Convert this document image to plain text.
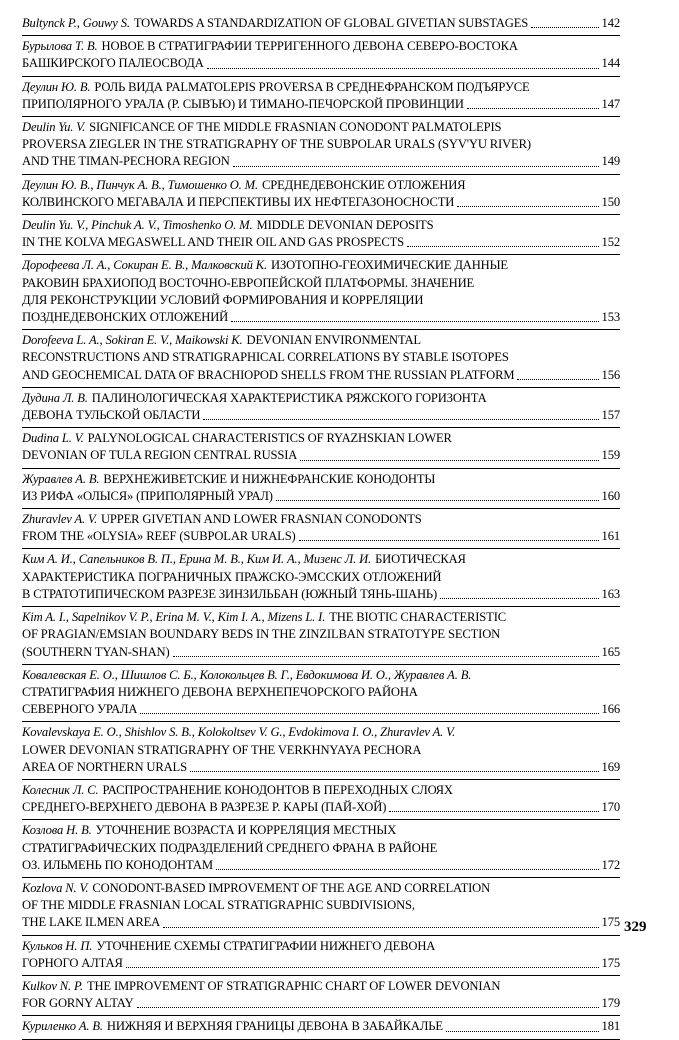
Bultynck P., Gouwy S. TOWARDS A STANDARDIZATION OF GLOBAL GIVETIAN SUBSTAGES	142
Бурылова Т. В. НОВОЕ В СТРАТИГРАФИИ ТЕРРИГЕННОГО ДЕВОНА СЕВЕРО-ВОСТОКА
БАШКИРСКОГО ПАЛЕОСВОДА	144
Деулин Ю. В. РОЛЬ ВИДА PALMATOLEPIS PROVERSA В СРЕДНЕФРАНСКОМ ПОДЪЯРУСЕ
ПРИПОЛЯРНОГО УРАЛА (Р. СЫВЪЮ) И ТИМАНО-ПЕЧОРСКОЙ ПРОВИНЦИИ	147
Deulin Yu. V. SIGNIFICANCE OF THE MIDDLE FRASNIAN CONODONT PALMATOLEPIS
PROVERSA ZIEGLER IN THE STRATIGRAPHY OF THE SUBPOLAR URALS (SYV'YU RIVER)
AND THE TIMAN-PECHORA REGION	149
Деулин Ю. В., Пинчук А. В., Тимошенко О. М. СРЕДНЕДЕВОНСКИЕ ОТЛОЖЕНИЯ
КОЛВИНСКОГО МЕГАВАЛА И ПЕРСПЕКТИВЫ ИХ НЕФТЕГАЗОНОСНОСТИ	150
Deulin Yu. V., Pinchuk A. V., Timoshenko O. M. MIDDLE DEVONIAN DEPOSITS
IN THE KOLVA MEGASWELL AND THEIR OIL AND GAS PROSPECTS	152
Дорофеева Л. А., Сокиран Е. В., Малковский К. ИЗОТОПНО-ГЕОХИМИЧЕСКИЕ ДАННЫЕ
РАКОВИН БРАХИОПОД ВОСТОЧНО-ЕВРОПЕЙСКОЙ ПЛАТФОРМЫ. ЗНАЧЕНИЕ
ДЛЯ РЕКОНСТРУКЦИИ УСЛОВИЙ ФОРМИРОВАНИЯ И КОРРЕЛЯЦИИ
ПОЗДНЕДЕВОНСКИХ ОТЛОЖЕНИЙ	153
Dorofeeva L. A., Sokiran E. V., Maikowski K. DEVONIAN ENVIRONMENTAL
RECONSTRUCTIONS AND STRATIGRAPHICAL CORRELATIONS BY STABLE ISOTOPES
AND GEOCHEMICAL DATA OF BRACHIOPOD SHELLS FROM THE RUSSIAN PLATFORM	156
Дудина Л. В. ПАЛИНОЛОГИЧЕСКАЯ ХАРАКТЕРИСТИКА РЯЖСКОГО ГОРИЗОНТА
ДЕВОНА ТУЛЬСКОЙ ОБЛАСТИ	157
Dudina L. V. PALYNOLOGICAL CHARACTERISTICS OF RYAZHSKIAN LOWER
DEVONIAN OF TULA REGION CENTRAL RUSSIA	159
Журавлев А. В. ВЕРХНЕЖИВЕТСКИЕ И НИЖНЕФРАНСКИЕ КОНОДОНТЫ
ИЗ РИФА «ОЛЫСЯ» (ПРИПОЛЯРНЫЙ УРАЛ)	160
Zhuravlev A. V. UPPER GIVETIAN AND LOWER FRASNIAN CONODONTS
FROM THE «OLYSIA» REEF (SUBPOLAR URALS)	161
Ким А. И., Сапельников В. П., Ерина М. В., Ким И. А., Мизенс Л. И. БИОТИЧЕСКАЯ
ХАРАКТЕРИСТИКА ПОГРАНИЧНЫХ ПРАЖСКО-ЭМССКИХ ОТЛОЖЕНИЙ
В СТРАТОТИПИЧЕСКОМ РАЗРЕЗЕ ЗИНЗИЛЬБАН (ЮЖНЫЙ ТЯНЬ-ШАНЬ)	163
Kim A. I., Sapelnikov V. P., Erina M. V., Kim I. A., Mizens L. I. THE BIOTIC CHARACTERISTIC
OF PRAGIAN/EMSIAN BOUNDARY BEDS IN THE ZINZILBAN STRATOTYPE SECTION
(SOUTHERN TYAN-SHAN)	165
Ковалевская Е. О., Шишлов С. Б., Колокольцев В. Г., Евдокимова И. О., Журавлев А. В.
СТРАТИГРАФИЯ НИЖНЕГО ДЕВОНА ВЕРХНЕПЕЧОРСКОГО РАЙОНА
СЕВЕРНОГО УРАЛА	166
Kovalevskaya E. O., Shishlov S. B., Kolokoltsev V. G., Evdokimova I. O., Zhuravlev A. V.
LOWER DEVONIAN STRATIGRAPHY OF THE VERKHNYAYA PECHORA
AREA OF NORTHERN URALS	169
Колесник Л. С. РАСПРОСТРАНЕНИЕ КОНОДОНТОВ В ПЕРЕХОДНЫХ СЛОЯХ
СРЕДНЕГО-ВЕРХНЕГО ДЕВОНА В РАЗРЕЗЕ Р. КАРЫ (ПАЙ-ХОЙ)	170
Козлова Н. В. УТОЧНЕНИЕ ВОЗРАСТА И КОРРЕЛЯЦИЯ МЕСТНЫХ
СТРАТИГРАФИЧЕСКИХ ПОДРАЗДЕЛЕНИЙ СРЕДНЕГО ФРАНА В РАЙОНЕ
ОЗ. ИЛЬМЕНЬ ПО КОНОДОНТАМ	172
Kozlova N. V. CONODONT-BASED IMPROVEMENT OF THE AGE AND CORRELATION
OF THE MIDDLE FRASNIAN LOCAL STRATIGRAPHIC SUBDIVISIONS,
THE LAKE ILMEN AREA	175
Кульков Н. П. УТОЧНЕНИЕ СХЕМЫ СТРАТИГРАФИИ НИЖНЕГО ДЕВОНА
ГОРНОГО АЛТАЯ	175
Kulkov N. P. THE IMPROVEMENT OF STRATIGRAPHIC CHART OF LOWER DEVONIAN
FOR GORNY ALTAY	179
Куриленко А. В. НИЖНЯЯ И ВЕРХНЯЯ ГРАНИЦЫ ДЕВОНА В ЗАБАЙКАЛЬЕ	181
329
